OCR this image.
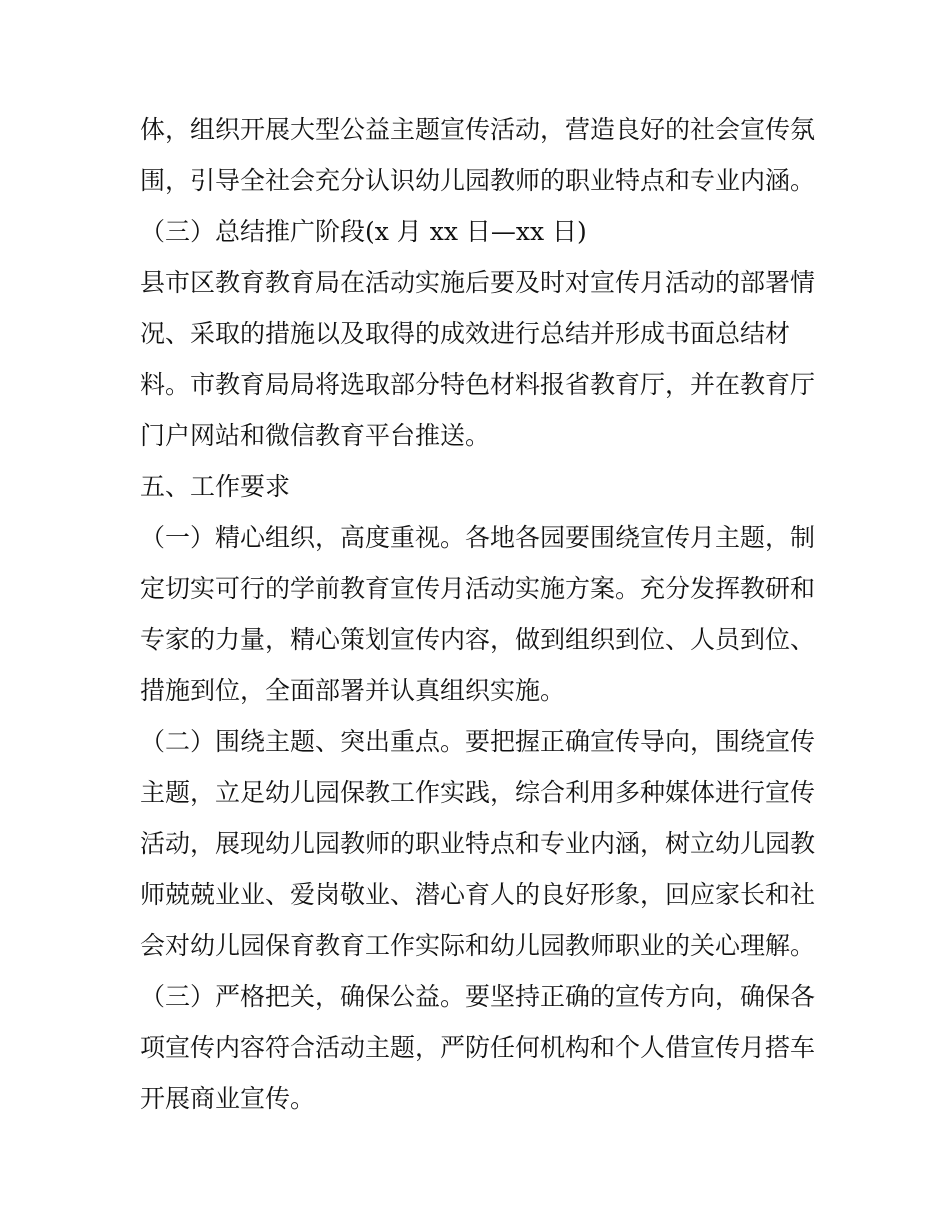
体，组织开展大型公益主题宣传活动，营造良好的社会宣传氛
围，引导全社会充分认识幼儿园教师的职业特点和专业内涵。
（三）总结推广阶段(x 月 xx 日—xx 日)
县市区教育教育局在活动实施后要及时对宣传月活动的部署情
况、采取的措施以及取得的成效进行总结并形成书面总结材
料。市教育局局将选取部分特色材料报省教育厅，并在教育厅
门户网站和微信教育平台推送。
五、工作要求
（一）精心组织，高度重视。各地各园要围绕宣传月主题，制
定切实可行的学前教育宣传月活动实施方案。充分发挥教研和
专家的力量，精心策划宣传内容，做到组织到位、人员到位、
措施到位，全面部署并认真组织实施。
（二）围绕主题、突出重点。要把握正确宣传导向，围绕宣传
主题，立足幼儿园保教工作实践，综合利用多种媒体进行宣传
活动，展现幼儿园教师的职业特点和专业内涵，树立幼儿园教
师兢兢业业、爱岗敬业、潜心育人的良好形象，回应家长和社
会对幼儿园保育教育工作实际和幼儿园教师职业的关心理解。
（三）严格把关，确保公益。要坚持正确的宣传方向，确保各
项宣传内容符合活动主题，严防任何机构和个人借宣传月搭车
开展商业宣传。
